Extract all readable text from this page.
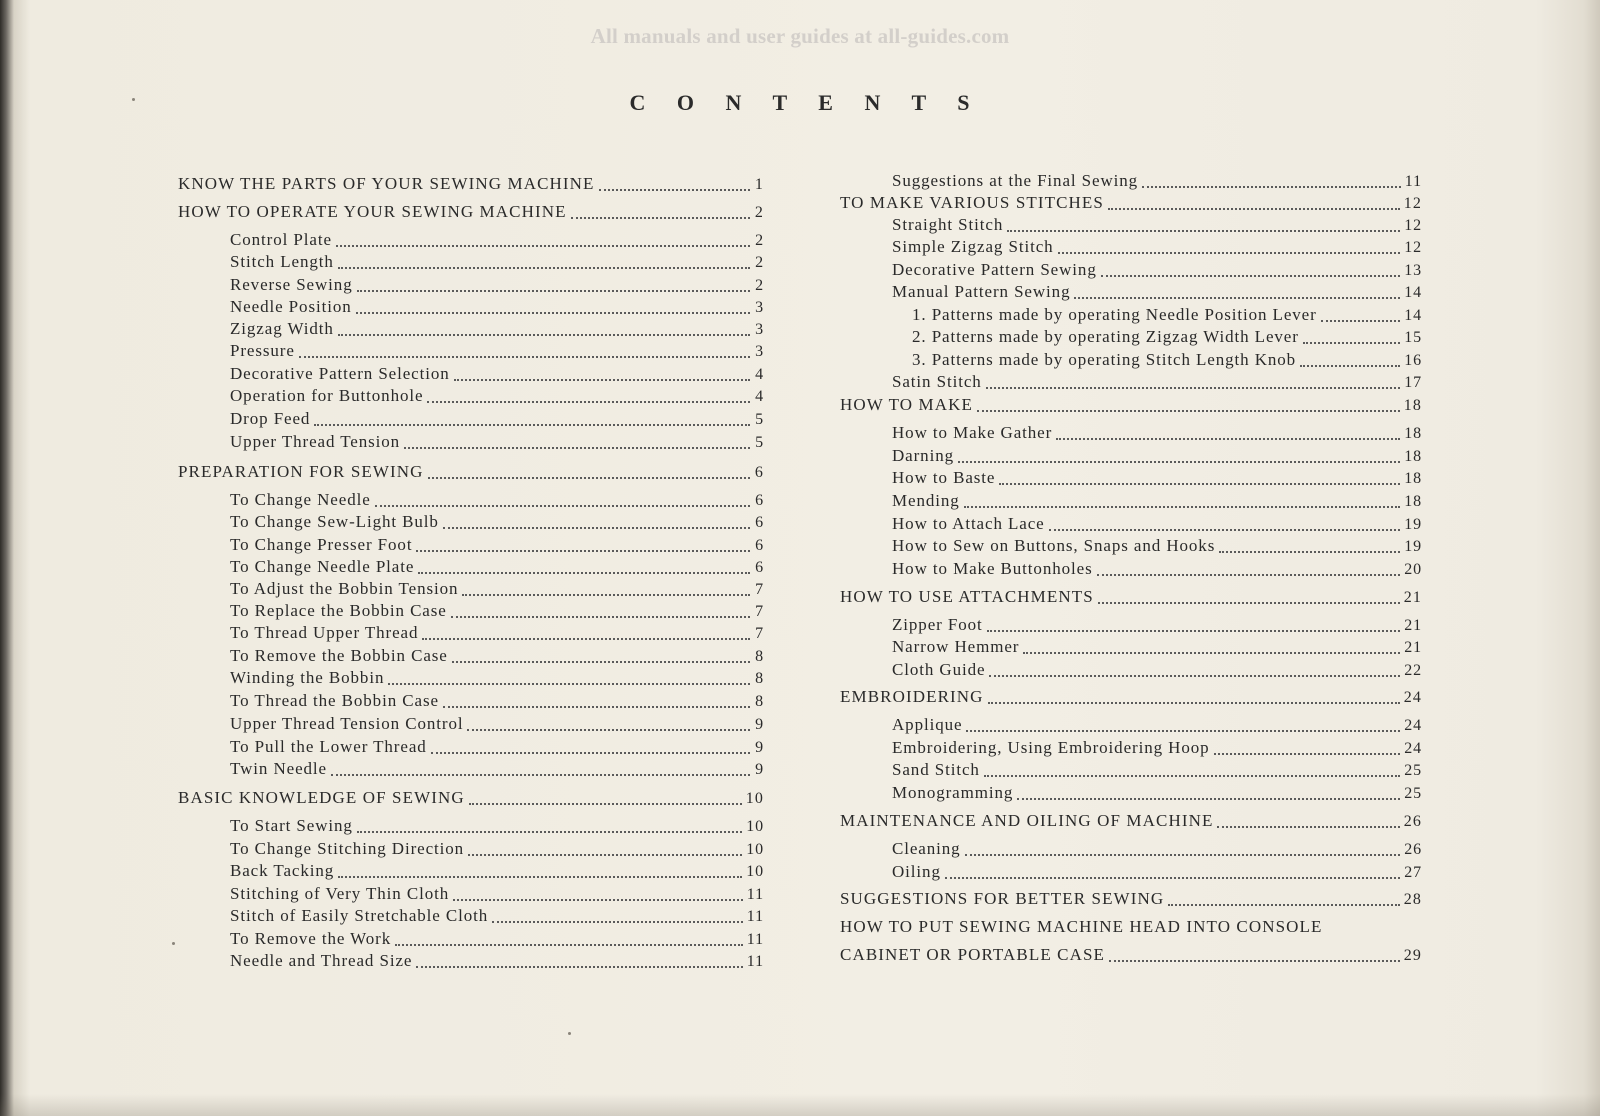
All manuals and user guides at all-guides.com
C O N T E N T S
KNOW THE PARTS OF YOUR SEWING MACHINE	1
HOW TO OPERATE YOUR SEWING MACHINE	2
Control Plate	2
Stitch Length	2
Reverse Sewing	2
Needle Position	3
Zigzag Width	3
Pressure	3
Decorative Pattern Selection	4
Operation for Buttonhole	4
Drop Feed	5
Upper Thread Tension	5
PREPARATION FOR SEWING	6
To Change Needle	6
To Change Sew-Light Bulb	6
To Change Presser Foot	6
To Change Needle Plate	6
To Adjust the Bobbin Tension	7
To Replace the Bobbin Case	7
To Thread Upper Thread	7
To Remove the Bobbin Case	8
Winding the Bobbin	8
To Thread the Bobbin Case	8
Upper Thread Tension Control	9
To Pull the Lower Thread	9
Twin Needle	9
BASIC KNOWLEDGE OF SEWING	10
To Start Sewing	10
To Change Stitching Direction	10
Back Tacking	10
Stitching of Very Thin Cloth	11
Stitch of Easily Stretchable Cloth	11
To Remove the Work	11
Needle and Thread Size	11
Suggestions at the Final Sewing	11
TO MAKE VARIOUS STITCHES	12
Straight Stitch	12
Simple Zigzag Stitch	12
Decorative Pattern Sewing	13
Manual Pattern Sewing	14
1. Patterns made by operating Needle Position Lever	14
2. Patterns made by operating Zigzag Width Lever	15
3. Patterns made by operating Stitch Length Knob	16
Satin Stitch	17
HOW TO MAKE	18
How to Make Gather	18
Darning	18
How to Baste	18
Mending	18
How to Attach Lace	19
How to Sew on Buttons, Snaps and Hooks	19
How to Make Buttonholes	20
HOW TO USE ATTACHMENTS	21
Zipper Foot	21
Narrow Hemmer	21
Cloth Guide	22
EMBROIDERING	24
Applique	24
Embroidering, Using Embroidering Hoop	24
Sand Stitch	25
Monogramming	25
MAINTENANCE AND OILING OF MACHINE	26
Cleaning	26
Oiling	27
SUGGESTIONS FOR BETTER SEWING	28
HOW TO PUT SEWING MACHINE HEAD INTO CONSOLE
CABINET OR PORTABLE CASE	29
